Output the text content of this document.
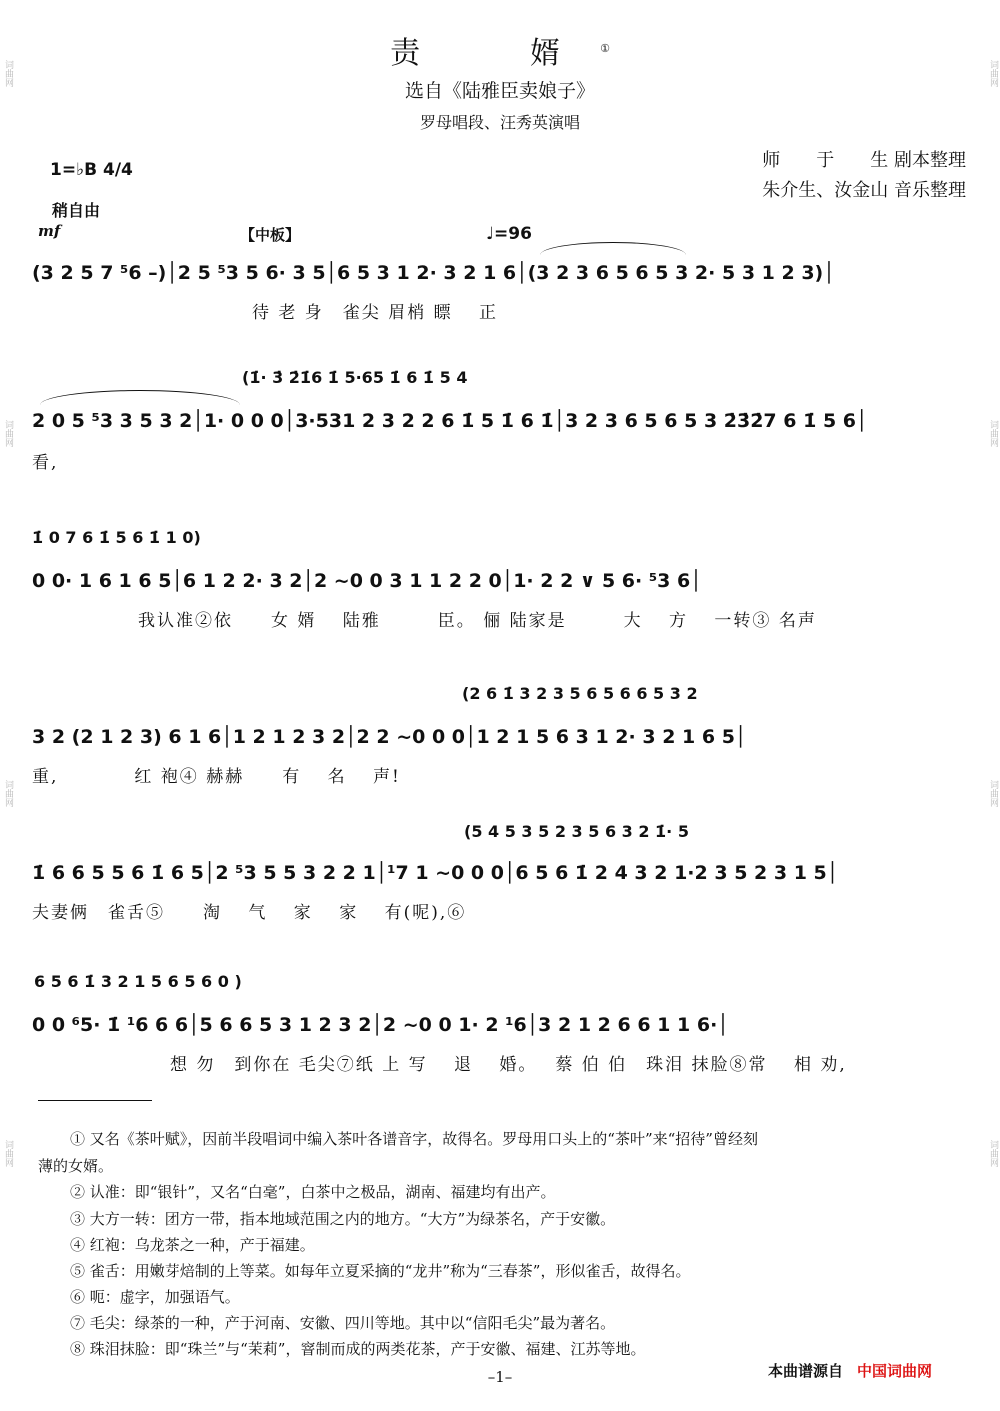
责　婿①
选自《陆雅臣卖娘子》
罗母唱段、汪秀英演唱
师　　于　　生 剧本整理
朱介生、汝金山 音乐整理
1=♭B 4/4
稍自由
mf	【中板】	♩=96
(3 2 5 7 ⁵6 –)│2 5 ⁵3 5 6· 3 5│6 5 3 1 2· 3 2 1 6│(3 2 3 6 5 6 5 3 2· 5 3 1 2 3)│
待 老 身　雀尖 眉梢 瞟　 正
(1̇· 3̇ 2̇1̇6 1̇ 5·65 1̇ 6 1̇ 5 4
2 0 5 ⁵3 3 5 3 2│1· 0 0 0│3·531 2 3 2 2 6 1̇ 5 1̇ 6 1̇│3 2 3 6 5 6 5 3 2̇3̇2̇7 6 1̇ 5 6│
看,
1̇ 0 7 6 1̇ 5 6 1̇ 1 0)
0 0· 1 6 1 6 5│6 1 2 2· 3 2│2 ~0 0 3 1 1 2 2 0│1· 2 2 ∨ 5 6· ⁵3 6│
我认准②依　　女 婿　 陆雅　　　臣。 俪 陆家是　　　大　 方　 一转③ 名声
(2 6 1̇ 3 2 3 5 6 5 6 6 5 3 2
3 2 (2 1 2 3) 6 1 6│1 2 1 2 3 2│2 2 ~0 0 0│1 2 1 5 6 3 1 2· 3 2 1 6 5│
重,　　　　红 袍④ 赫赫　　有　 名　 声!
(5 4 5 3 5 2 3 5 6 3 2 1̇· 5
1̇ 6 6 5 5 6 1̇ 6 5│2 ⁵3 5 5 3 2 2 1│¹7 1 ~0 0 0│6 5 6 1̇ 2 4 3 2 1·2 3 5 2 3 1 5│
夫妻俩　雀舌⑤　　淘　 气　 家　 家　 有(呢),⑥
6 5 6 1̇ 3 2 1 5 6 5 6 0 )
0 0 ⁶5· 1̇ ¹6 6 6│5 6 6 5 3 1 2 3 2│2 ~0 0 1· 2 ¹6│3 2 1 2 6 6 1 1 6·│
想 勿　到你在 毛尖⑦纸 上 写　 退　 婚。　 蔡 伯 伯　珠泪 抹脸⑧常　 相 劝,
① 又名《茶叶赋》，因前半段唱词中编入茶叶各谱音字，故得名。罗母用口头上的“茶叶”来“招待”曾经刻
薄的女婿。
② 认准：即“银针”，又名“白毫”，白茶中之极品，湖南、福建均有出产。
③ 大方一转：团方一带，指本地域范围之内的地方。“大方”为绿茶名，产于安徽。
④ 红袍：乌龙茶之一种，产于福建。
⑤ 雀舌：用嫩芽焙制的上等菜。如每年立夏采摘的“龙井”称为“三春茶”，形似雀舌，故得名。
⑥ 呃：虚字，加强语气。
⑦ 毛尖：绿茶的一种，产于河南、安徽、四川等地。其中以“信阳毛尖”最为著名。
⑧ 珠泪抹脸：即“珠兰”与“茉莉”，窨制而成的两类花茶，产于安徽、福建、江苏等地。
–1–	本曲谱源自 中国词曲网
词曲网
词曲网
词曲网
词曲网
词曲网
词曲网
词曲网
词曲网
